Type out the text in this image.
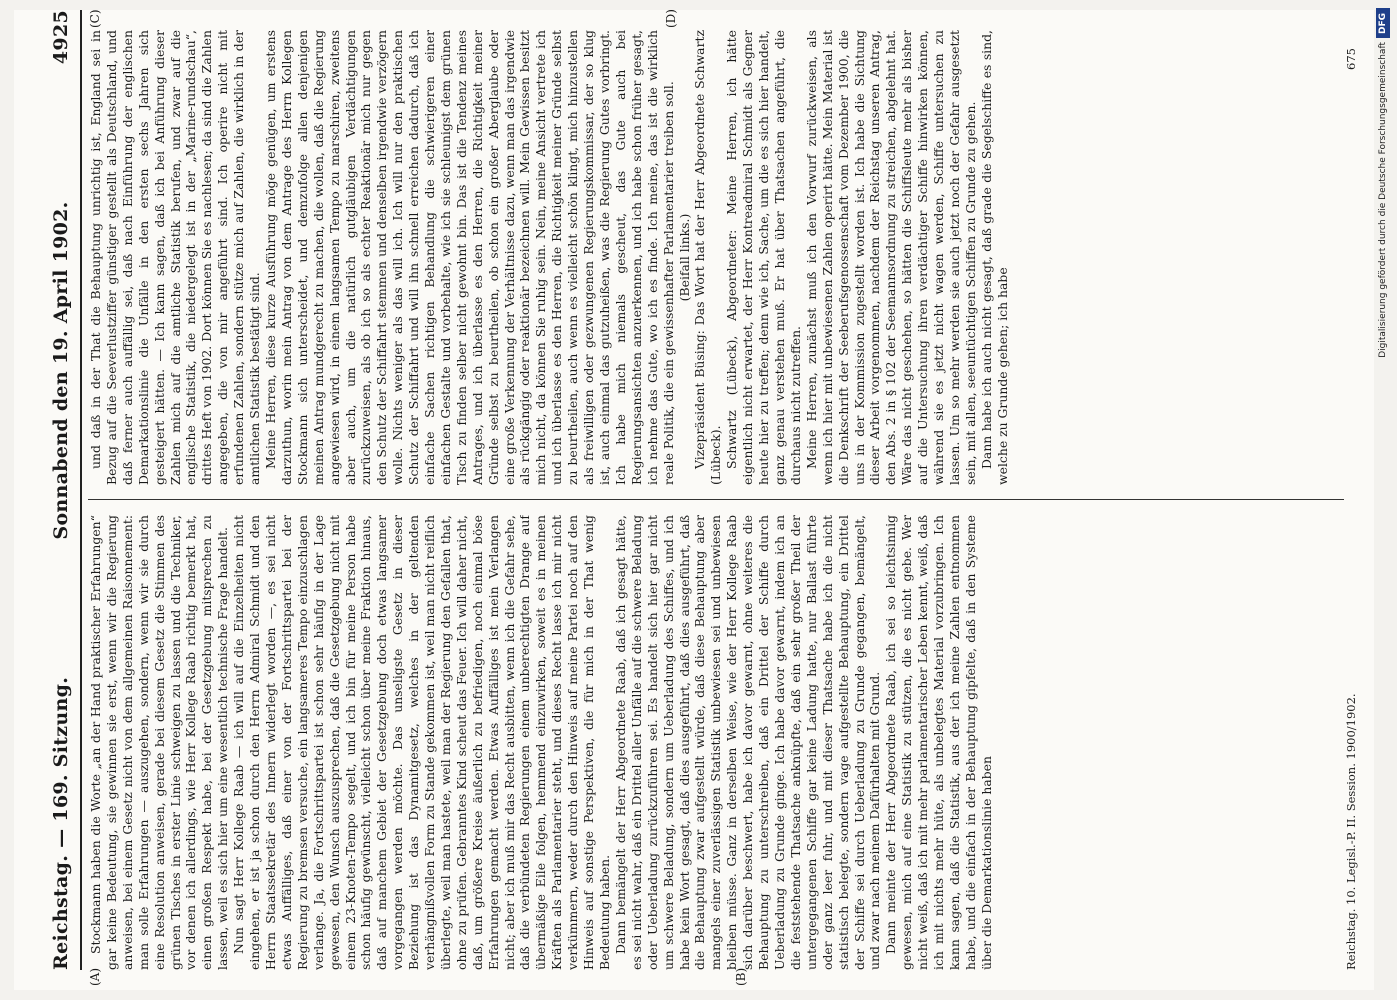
Reichstag. — 169. Sitzung.
Sonnabend den 19. April 1902.
4925
(A)	(B)
(C)	(D)

Stockmann haben die Worte „an der Hand praktischer Erfahrungen“ gar keine Bedeutung, sie gewinnen sie erst, wenn wir die Regierung anweisen, bei einem Gesetz nicht von dem allgemeinen Raisonnement: man solle Erfahrungen — auszugehen, sondern, wenn wir sie durch eine Resolution anweisen, gerade bei diesem Gesetz die Stimmen des grünen Tisches in erster Linie schweigen zu lassen und die Techniker, vor denen ich allerdings, wie Herr Kollege Raab richtig bemerkt hat, einen großen Respekt habe, bei der Gesetzgebung mitsprechen zu lassen, weil es sich hier um eine wesentlich technische Frage handelt. Nun sagt Herr Kollege Raab — ich will auf die Einzelheiten nicht eingehen, er ist ja schon durch den Herrn Admiral Schmidt und den Herrn Staatssekretär des Innern widerlegt worden —, es sei nicht etwas Auffälliges, daß einer von der Fortschrittspartei bei der Regierung zu bremsen versuche, ein langsameres Tempo einzuschlagen verlange. Ja, die Fortschrittspartei ist schon sehr häufig in der Lage gewesen, den Wunsch auszusprechen, daß die Gesetzgebung nicht mit einem 23-Knoten-Tempo segelt, und ich bin für meine Person habe schon häufig gewünscht, vielleicht schon über meine Fraktion hinaus, daß auf manchem Gebiet der Gesetzgebung doch etwas langsamer vorgegangen werden möchte. Das unseligste Gesetz in dieser Beziehung ist das Dynamitgesetz, welches in der geltenden verhängnißvollen Form zu Stande gekommen ist, weil man nicht reiflich überlegte, weil man hastete, weil man der Regierung den Gefallen that, ohne zu prüfen. Gebranntes Kind scheut das Feuer. Ich will daher nicht, daß, um größere Kreise äußerlich zu befriedigen, noch einmal böse Erfahrungen gemacht werden. Etwas Auffälliges ist mein Verlangen nicht; aber ich muß mir das Recht ausbitten, wenn ich die Gefahr sehe, daß die verbündeten Regierungen einem unberechtigten Drange auf übermäßige Eile folgen, hemmend einzuwirken, soweit es in meinen Kräften als Parlamentarier steht, und dieses Recht lasse ich mir nicht verkümmern, weder durch den Hinweis auf meine Partei noch auf den Hinweis auf sonstige Perspektiven, die für mich in der That wenig Bedeutung haben. Dann bemängelt der Herr Abgeordnete Raab, daß ich gesagt hätte, es sei nicht wahr, daß ein Drittel aller Unfälle auf die schwere Beladung oder Ueberladung zurückzuführen sei. Es handelt sich hier gar nicht um schwere Beladung, sondern um Ueberladung des Schiffes, und ich habe kein Wort gesagt, daß dies ausgeführt, daß dies ausgeführt, daß die Behauptung zwar aufgestellt würde, daß diese Behauptung aber mangels einer zuverlässigen Statistik unbewiesen sei und unbewiesen bleiben müsse. Ganz in derselben Weise, wie der Herr Kollege Raab sich darüber beschwert, habe ich davor gewarnt, ohne weiteres die Behauptung zu unterschreiben, daß ein Drittel der Schiffe durch Ueberladung zu Grunde ginge. Ich habe davor gewarnt, indem ich an die feststehende Thatsache anknüpfte, daß ein sehr großer Theil der untergegangenen Schiffe gar keine Ladung hatte, nur Ballast führte oder ganz leer fuhr, und mit dieser Thatsache habe ich die nicht statistisch belegte, sondern vage aufgestellte Behauptung, ein Drittel der Schiffe sei durch Ueberladung zu Grunde gegangen, bemängelt, und zwar nach meinem Dafürhalten mit Grund. Dann meinte der Herr Abgeordnete Raab, ich sei so leichtsinnig gewesen, mich auf eine Statistik zu stützen, die es nicht gebe. Wer nicht weiß, daß ich mit mehr parlamentarischer Leben kennt, weiß, daß ich mit nichts mehr hüte, als unbelegtes Material vorzubringen. Ich kann sagen, daß die Statistik, aus der ich meine Zahlen entnommen habe, und die einfach in der Behauptung gipfelte, daß in den Systeme über die Demarkationslinie haben

und daß in der That die Behauptung unrichtig ist, England sei in Bezug auf die Seeverlustziffer günstiger gestellt als Deutschland, und daß ferner auch auffällig sei, daß nach Einführung der englischen Demarkationslinie die Unfälle in den ersten sechs Jahren sich gesteigert hätten. — Ich kann sagen, daß ich bei Anführung dieser Zahlen mich auf die amtliche Statistik berufen, und zwar auf die englische Statistik, die niedergelegt ist in der „Marine-rundschau“, drittes Heft von 1902. Dort können Sie es nachlesen; da sind die Zahlen angegeben, die von mir angeführt sind. Ich operire nicht mit erfundenen Zahlen, sondern stütze mich auf Zahlen, die wirklich in der amtlichen Statistik bestätigt sind. Meine Herren, diese kurze Ausführung möge genügen, um erstens darzuthun, worin mein Antrag von dem Antrage des Herrn Kollegen Stockmann sich unterscheidet, und demzufolge allen denjenigen meinen Antrag mundgerecht zu machen, die wollen, daß die Regierung angewiesen wird, in einem langsamen Tempo zu marschiren, zweitens aber auch, um die natürlich gutgläubigen Verdächtigungen zurückzuweisen, als ob ich so als echter Reaktionär mich nur gegen den Schutz der Schiffahrt stemmen und denselben irgendwie verzögern wolle. Nichts weniger als das will ich. Ich will nur den praktischen Schutz der Schiffahrt und will ihn schnell erreichen dadurch, daß ich einfache Sachen richtigen Behandlung die schwierigeren einer einfachen Gestalte und vorbehalte, wie ich sie schleunigst dem grünen Tisch zu finden selber nicht gewohnt bin. Das ist die Tendenz meines Antrages, und ich überlasse es den Herren, die Richtigkeit meiner Gründe selbst zu beurtheilen, ob schon ein großer Aberglaube oder eine große Verkennung der Verhältnisse dazu, wenn man das irgendwie als rückgängig oder reaktionär bezeichnen will. Mein Gewissen besitzt mich nicht, da können Sie ruhig sein. Nein, meine Ansicht vertrete ich und ich überlasse es den Herren, die Richtigkeit meiner Gründe selbst zu beurtheilen, auch wenn es vielleicht schön klingt, mich hinzustellen als freiwilligen oder gezwungenen Regierungskommissar, der so klug ist, auch einmal das gutzuheißen, was die Regierung Gutes vorbringt. Ich habe mich niemals gescheut, das Gute auch bei Regierungsansichten anzuerkennen, und ich habe schon früher gesagt, ich nehme das Gute, wo ich es finde. Ich meine, das ist die wirklich reale Politik, die ein gewissenhafter Parlamentarier treiben soll. (Beifall links.) Vizepräsident Büsing: Das Wort hat der Herr Abgeordnete Schwartz (Lübeck). Schwartz (Lübeck), Abgeordneter: Meine Herren, ich hätte eigentlich nicht erwartet, der Herr Kontreadmiral Schmidt als Gegner heute hier zu treffen; denn wie ich, Sache, um die es sich hier handelt, ganz genau verstehen muß. Er hat über Thatsachen angeführt, die durchaus nicht zutreffen. Meine Herren, zunächst muß ich den Vorwurf zurückweisen, als wenn ich hier mit unbewiesenen Zahlen operirt hätte. Mein Material ist die Denkschrift der Seeberufsgenossenschaft vom Dezember 1900, die uns in der Kommission zugestellt worden ist. Ich habe die Sichtung dieser Arbeit vorgenommen, nachdem der Reichstag unseren Antrag, den Abs. 2 in § 102 der Seemannsordnung zu streichen, abgelehnt hat. Wäre das nicht geschehen, so hätten die Schiffsleute mehr als bisher auf die Untersuchung ihren verdächtiger Schiffe hinwirken können, während sie es jetzt nicht wagen werden, Schiffe untersuchen zu lassen. Um so mehr werden sie auch jetzt noch der Gefahr ausgesetzt sein, mit allen, seeuntüchtigen Schiffen zu Grunde zu gehen. Dann habe ich auch nicht gesagt, daß grade die Segelschiffe es sind, welche zu Grunde gehen; ich habe

Reichstag. 10. Legisl.-P. II. Session. 1900/1902.
675
DFG
Digitalisierung gefördert durch die Deutsche Forschungsgemeinschaft
